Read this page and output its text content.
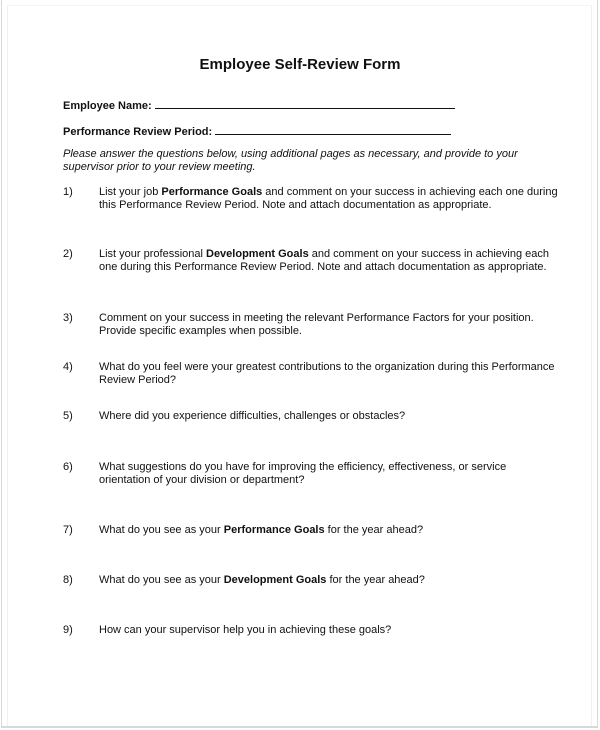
Employee Self-Review Form
Employee Name:
Performance Review Period:
Please answer the questions below, using additional pages as necessary, and provide to your supervisor prior to your review meeting.
1) List your job Performance Goals and comment on your success in achieving each one during this Performance Review Period. Note and attach documentation as appropriate.
2) List your professional Development Goals and comment on your success in achieving each one during this Performance Review Period. Note and attach documentation as appropriate.
3) Comment on your success in meeting the relevant Performance Factors for your position. Provide specific examples when possible.
4) What do you feel were your greatest contributions to the organization during this Performance Review Period?
5) Where did you experience difficulties, challenges or obstacles?
6) What suggestions do you have for improving the efficiency, effectiveness, or service orientation of your division or department?
7) What do you see as your Performance Goals for the year ahead?
8) What do you see as your Development Goals for the year ahead?
9) How can your supervisor help you in achieving these goals?
